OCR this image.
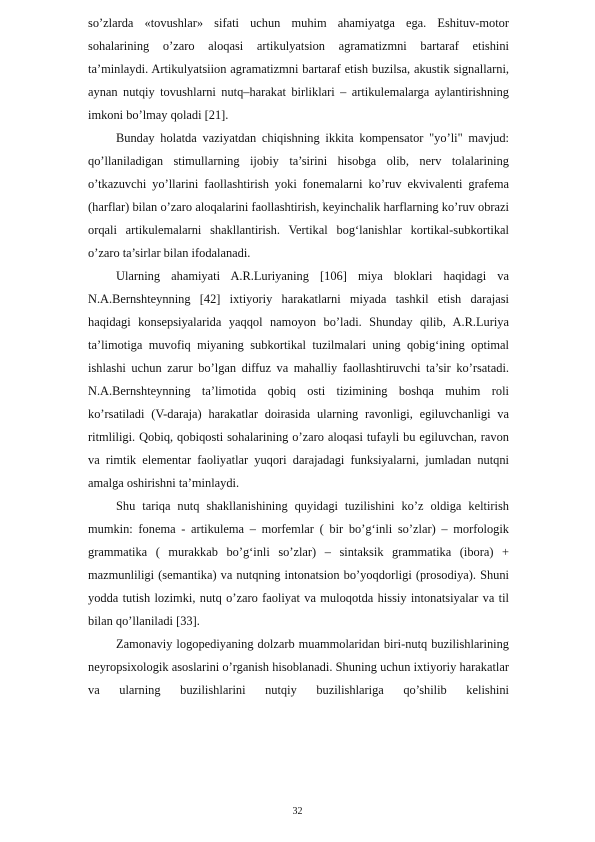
so’zlarda «tovushlar» sifati uchun muhim ahamiyatga ega. Eshituv-motor sohalarining o’zaro aloqasi artikulyatsion agramatizmni bartaraf etishini ta’minlaydi. Artikulyatsiion agramatizmni bartaraf etish buzilsa, akustik signallarni, aynan nutqiy tovushlarni nutq–harakat birliklari – artikulemalarga aylantirishning imkoni bo’lmay qoladi [21].

Bunday holatda vaziyatdan chiqishning ikkita kompensator "yo’li" mavjud: qo’llaniladigan stimullarning ijobiy ta’sirini hisobga olib, nerv tolalarining o’tkazuvchi yo’llarini faollashtirish yoki fonemalarni ko’ruv ekvivalenti grafema (harflar) bilan o’zaro aloqalarini faollashtirish, keyinchalik harflarning ko’ruv obrazi orqali artikulemalarni shakllantirish. Vertikal bog‘lanishlar kortikal-subkortikal o’zaro ta’sirlar bilan ifodalanadi.

Ularning ahamiyati A.R.Luriyaning [106] miya bloklari haqidagi va N.A.Bernshteynning [42] ixtiyoriy harakatlarni miyada tashkil etish darajasi haqidagi konsepsiyalarida yaqqol namoyon bo’ladi. Shunday qilib, A.R.Luriya ta’limotiga muvofiq miyaning subkortikal tuzilmalari uning qobig‘ining optimal ishlashi uchun zarur bo’lgan diffuz va mahalliy faollashtiruvchi ta’sir ko’rsatadi. N.A.Bernshteynning ta’limotida qobiq osti tizimining boshqa muhim roli ko’rsatiladi (V-daraja) harakatlar doirasida ularning ravonligi, egiluvchanligi va ritmliligi. Qobiq, qobiqosti sohalarining o’zaro aloqasi tufayli bu egiluvchan, ravon va rimtik elementar faoliyatlar yuqori darajadagi funksiyalarni, jumladan nutqni amalga oshirishni ta’minlaydi.

Shu tariqa nutq shakllanishining quyidagi tuzilishini ko’z oldiga keltirish mumkin: fonema - artikulema – morfemlar ( bir bo’g‘inli so’zlar) – morfologik grammatika ( murakkab bo’g‘inli so’zlar) – sintaksik grammatika (ibora) + mazmunliligi (semantika) va nutqning intonatsion bo’yoqdorligi (prosodiya). Shuni yodda tutish lozimki, nutq o’zaro faoliyat va muloqotda hissiy intonatsiyalar va til bilan qo’llaniladi [33].

Zamonaviy logopediyaning dolzarb muammolaridan biri-nutq buzilishlarining neyropsixologik asoslarini o’rganish hisoblanadi. Shuning uchun ixtiyoriy harakatlar va ularning buzilishlarini nutqiy buzilishlariga qo’shilib kelishini

32
